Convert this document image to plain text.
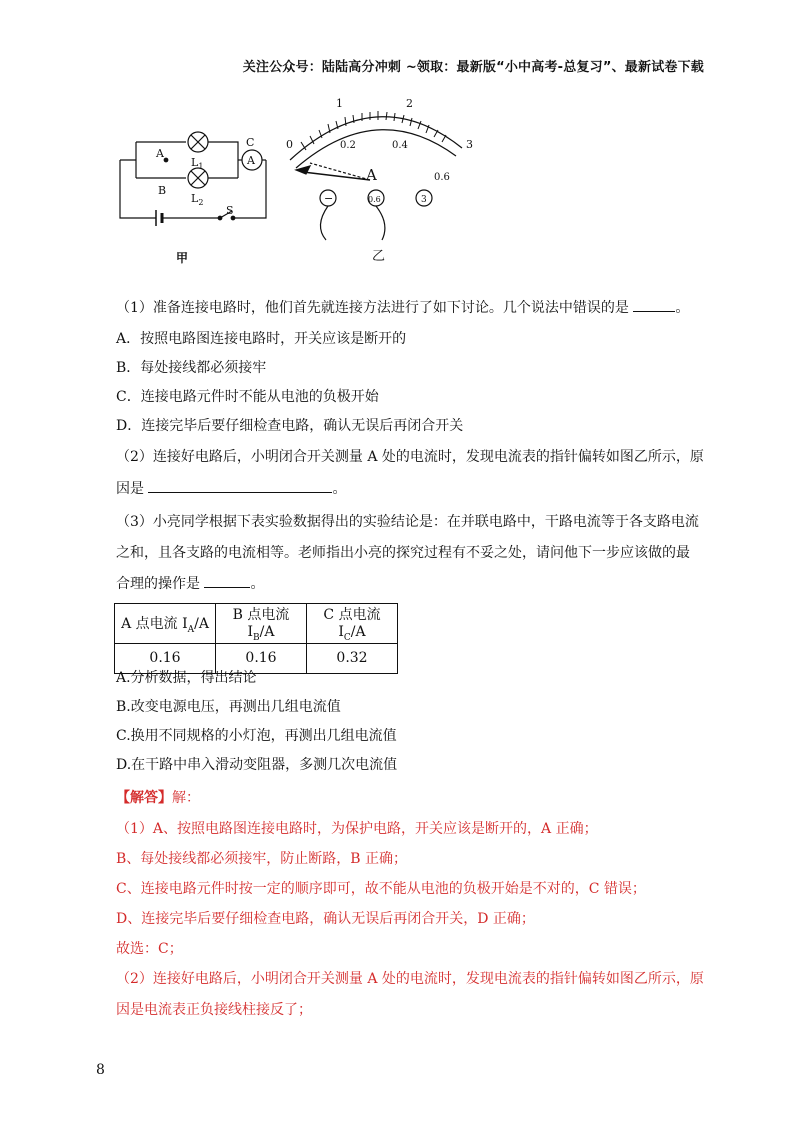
关注公众号：陆陆高分冲刺 ~领取：最新版“小中高考-总复习”、最新试卷下载
A
B
C
A
$L_1$
$L_2$
S
甲
0
1	2
3
0.2	0.4
0.6
A
−	0.6	3
乙
（1）准备连接电路时，他们首先就连接方法进行了如下讨论。几个说法中错误的是	。
A．按照电路图连接电路时，开关应该是断开的
B．每处接线都必须接牢
C．连接电路元件时不能从电池的负极开始
D．连接完毕后要仔细检查电路，确认无误后再闭合开关
（2）连接好电路后，小明闭合开关测量 A 处的电流时，发现电流表的指针偏转如图乙所示，原
因是	。
（3）小亮同学根据下表实验数据得出的实验结论是：在并联电路中，干路电流等于各支路电流
之和，且各支路的电流相等。老师指出小亮的探究过程有不妥之处，请问他下一步应该做的最
合理的操作是	。
A 点电流 $I_A/A$	B 点电流 $I_B/A$	C 点电流 $I_C/A$
0.16	0.16	0.32
A.分析数据，得出结论
B.改变电源电压，再测出几组电流值
C.换用不同规格的小灯泡，再测出几组电流值
D.在干路中串入滑动变阻器，多测几次电流值
【解答】解：
（1）A、按照电路图连接电路时，为保护电路，开关应该是断开的，A 正确；
B、每处接线都必须接牢，防止断路，B 正确；
C、连接电路元件时按一定的顺序即可，故不能从电池的负极开始是不对的，C 错误；
D、连接完毕后要仔细检查电路，确认无误后再闭合开关，D 正确；
故选：C；
（2）连接好电路后，小明闭合开关测量 A 处的电流时，发现电流表的指针偏转如图乙所示，原
因是电流表正负接线柱接反了；
8
